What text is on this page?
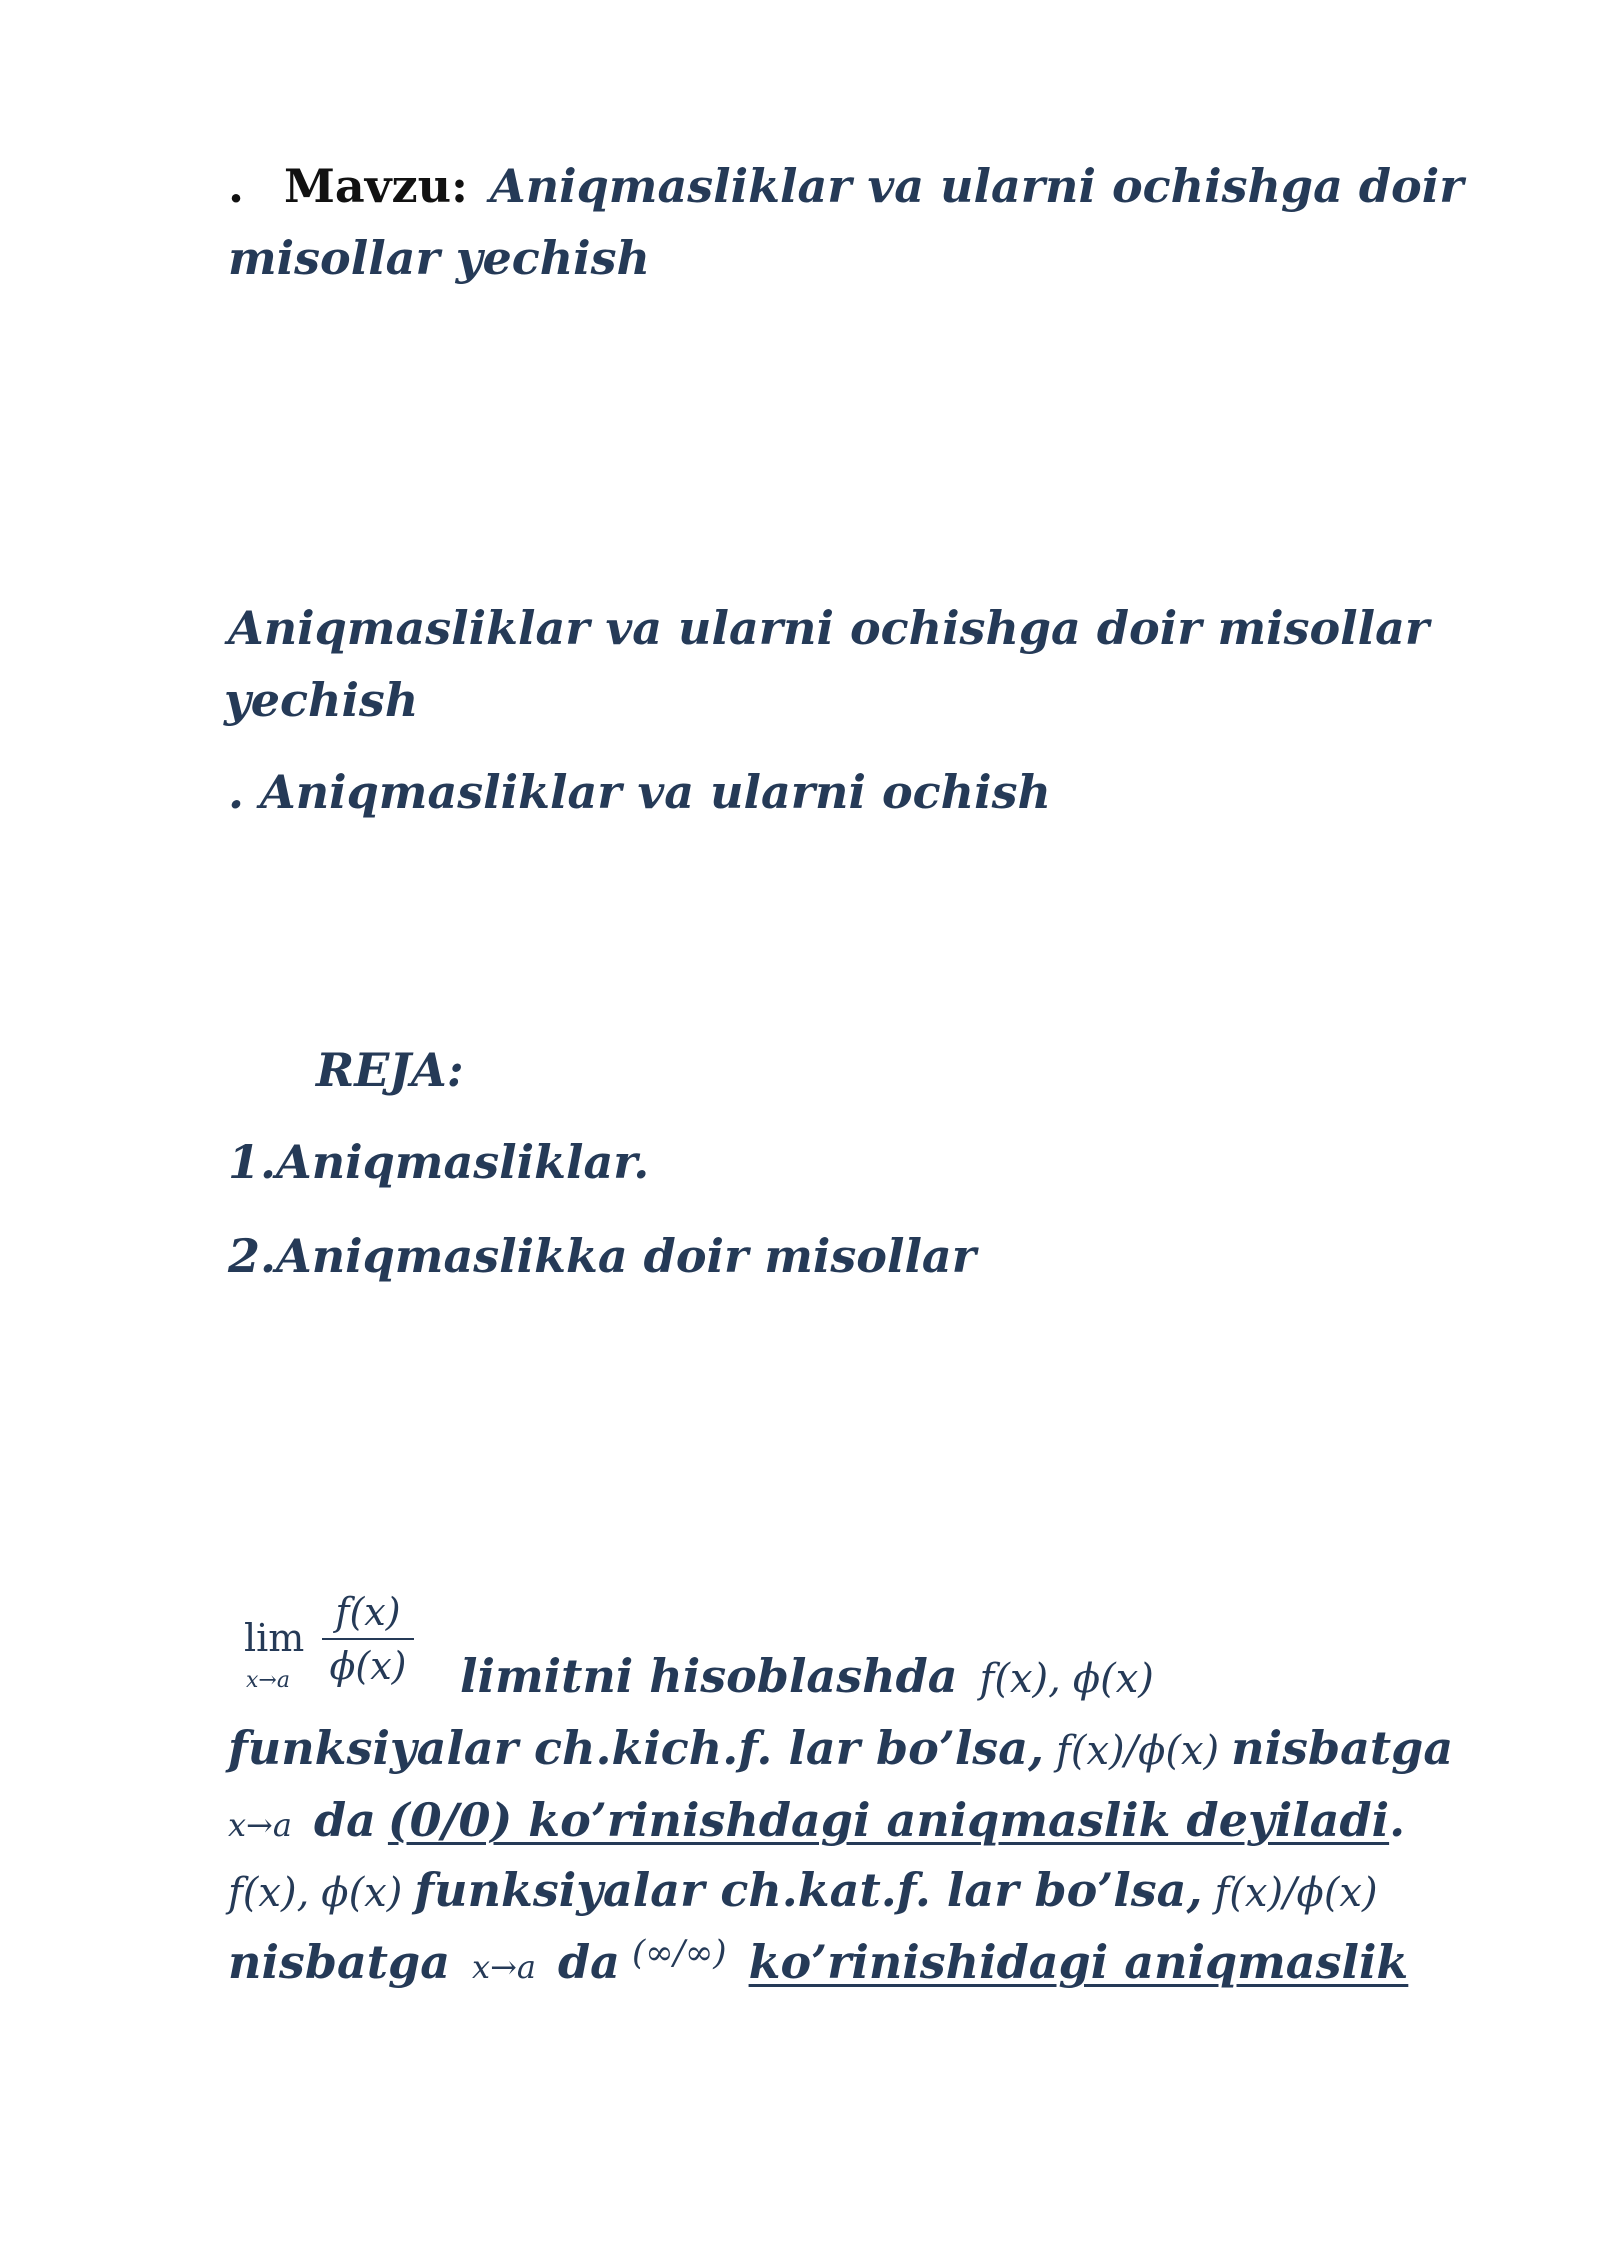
. Mavzu: Aniqmasliklar va ularni ochishga doir

misollar yechish

Aniqmasliklar va ularni ochishga doir misollar

yechish

. Aniqmasliklar va ularni ochish

REJA:

1.Aniqmasliklar.

2.Aniqmaslikka doir misollar

lim
x→a
f(x)
ϕ(x) limitni hisoblashda f(x), ϕ(x)

funksiyalar ch.kich.f. lar bo’lsa, f(x)/ϕ(x) nisbatga

x→a da (0/0) ko’rinishdagi aniqmaslik deyiladi.

f(x), ϕ(x) funksiyalar ch.kat.f. lar bo’lsa, f(x)/ϕ(x)

nisbatga x→a da (∞/∞) ko’rinishidagi aniqmaslik
